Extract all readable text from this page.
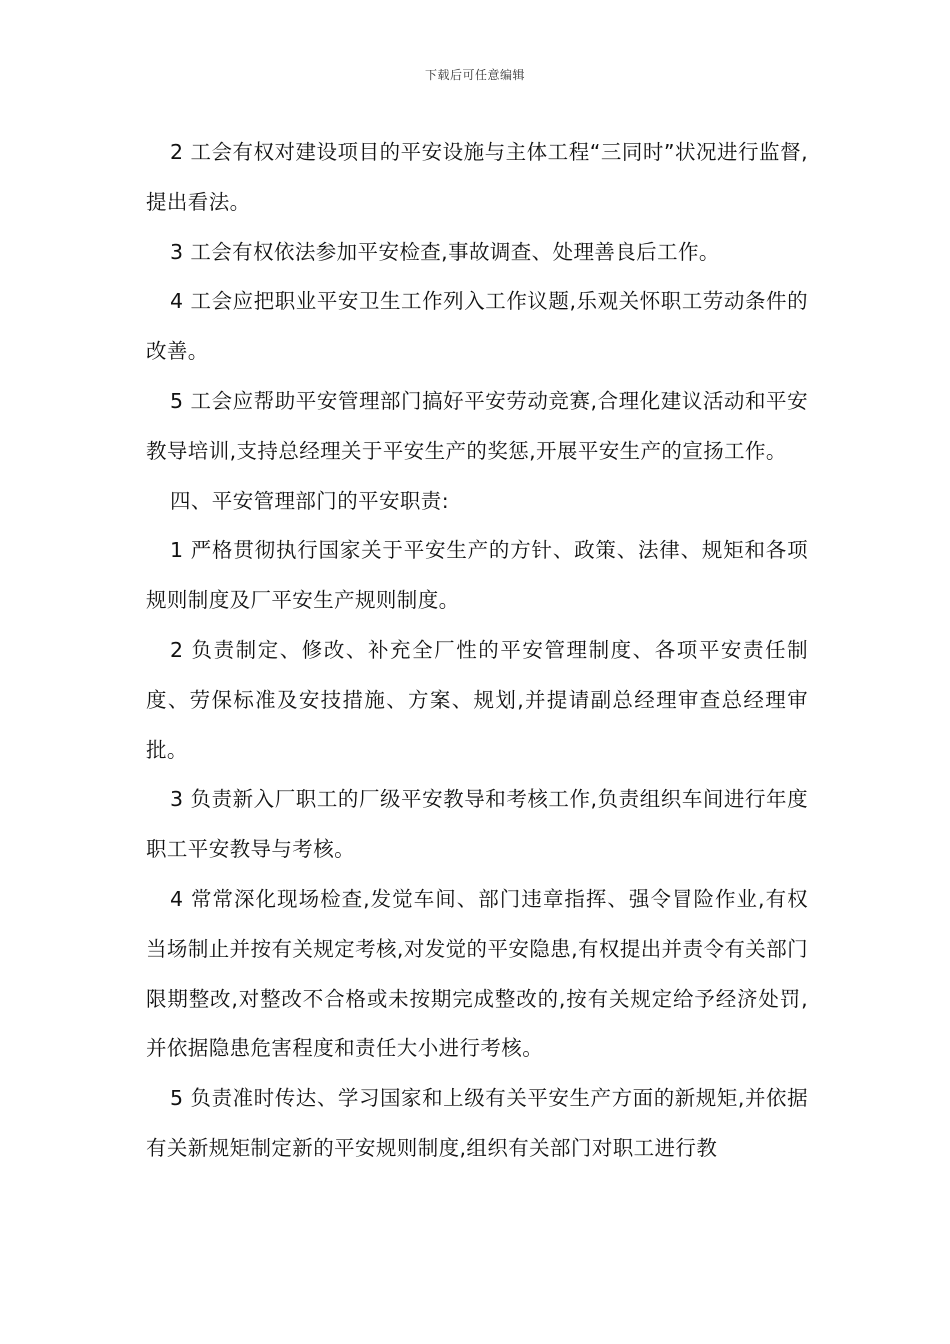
下载后可任意编辑

2 工会有权对建设项目的平安设施与主体工程“三同时”状况进行监督,提出看法。

3 工会有权依法参加平安检查,事故调查、处理善良后工作。

4 工会应把职业平安卫生工作列入工作议题,乐观关怀职工劳动条件的改善。

5 工会应帮助平安管理部门搞好平安劳动竞赛,合理化建议活动和平安教导培训,支持总经理关于平安生产的奖惩,开展平安生产的宣扬工作。

四、平安管理部门的平安职责:

1 严格贯彻执行国家关于平安生产的方针、政策、法律、规矩和各项规则制度及厂平安生产规则制度。

2 负责制定、修改、补充全厂性的平安管理制度、各项平安责任制度、劳保标准及安技措施、方案、规划,并提请副总经理审查总经理审批。

3 负责新入厂职工的厂级平安教导和考核工作,负责组织车间进行年度职工平安教导与考核。

4 常常深化现场检查,发觉车间、部门违章指挥、强令冒险作业,有权当场制止并按有关规定考核,对发觉的平安隐患,有权提出并责令有关部门限期整改,对整改不合格或未按期完成整改的,按有关规定给予经济处罚,并依据隐患危害程度和责任大小进行考核。

5 负责准时传达、学习国家和上级有关平安生产方面的新规矩,并依据有关新规矩制定新的平安规则制度,组织有关部门对职工进行教
